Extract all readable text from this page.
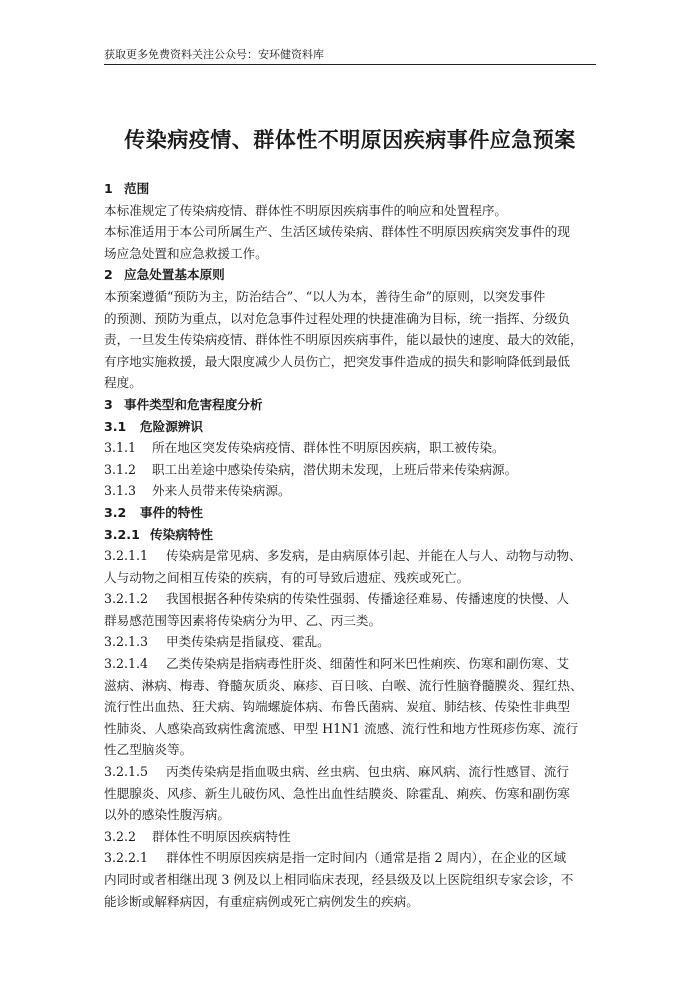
获取更多免费资料关注公众号：安环健资料库
传染病疫情、群体性不明原因疾病事件应急预案
1 范围
本标准规定了传染病疫情、群体性不明原因疾病事件的响应和处置程序。
本标准适用于本公司所属生产、生活区域传染病、群体性不明原因疾病突发事件的现
场应急处置和应急救援工作。
2 应急处置基本原则
本预案遵循“预防为主，防治结合”、“以人为本，善待生命”的原则，以突发事件
的预测、预防为重点，以对危急事件过程处理的快捷准确为目标，统一指挥、分级负
责，一旦发生传染病疫情、群体性不明原因疾病事件，能以最快的速度、最大的效能，
有序地实施救援，最大限度减少人员伤亡，把突发事件造成的损失和影响降低到最低
程度。
3 事件类型和危害程度分析
3.1 危险源辨识
3.1.1 所在地区突发传染病疫情、群体性不明原因疾病，职工被传染。
3.1.2 职工出差途中感染传染病，潜伏期未发现，上班后带来传染病源。
3.1.3 外来人员带来传染病源。
3.2 事件的特性
3.2.1 传染病特性
3.2.1.1 传染病是常见病、多发病，是由病原体引起、并能在人与人、动物与动物、
人与动物之间相互传染的疾病，有的可导致后遗症、残疾或死亡。
3.2.1.2 我国根据各种传染病的传染性强弱、传播途径难易、传播速度的快慢、人
群易感范围等因素将传染病分为甲、乙、丙三类。
3.2.1.3 甲类传染病是指鼠疫、霍乱。
3.2.1.4 乙类传染病是指病毒性肝炎、细菌性和阿米巴性痢疾、伤寒和副伤寒、艾
滋病、淋病、梅毒、脊髓灰质炎、麻疹、百日咳、白喉、流行性脑脊髓膜炎、猩红热、
流行性出血热、狂犬病、钩端螺旋体病、布鲁氏菌病、炭疽、肺结核、传染性非典型
性肺炎、人感染高致病性禽流感、甲型 H1N1 流感、流行性和地方性斑疹伤寒、流行
性乙型脑炎等。
3.2.1.5 丙类传染病是指血吸虫病、丝虫病、包虫病、麻风病、流行性感冒、流行
性腮腺炎、风疹、新生儿破伤风、急性出血性结膜炎、除霍乱、痢疾、伤寒和副伤寒
以外的感染性腹泻病。
3.2.2 群体性不明原因疾病特性
3.2.2.1 群体性不明原因疾病是指一定时间内（通常是指 2 周内），在企业的区域
内同时或者相继出现 3 例及以上相同临床表现，经县级及以上医院组织专家会诊，不
能诊断或解释病因，有重症病例或死亡病例发生的疾病。
